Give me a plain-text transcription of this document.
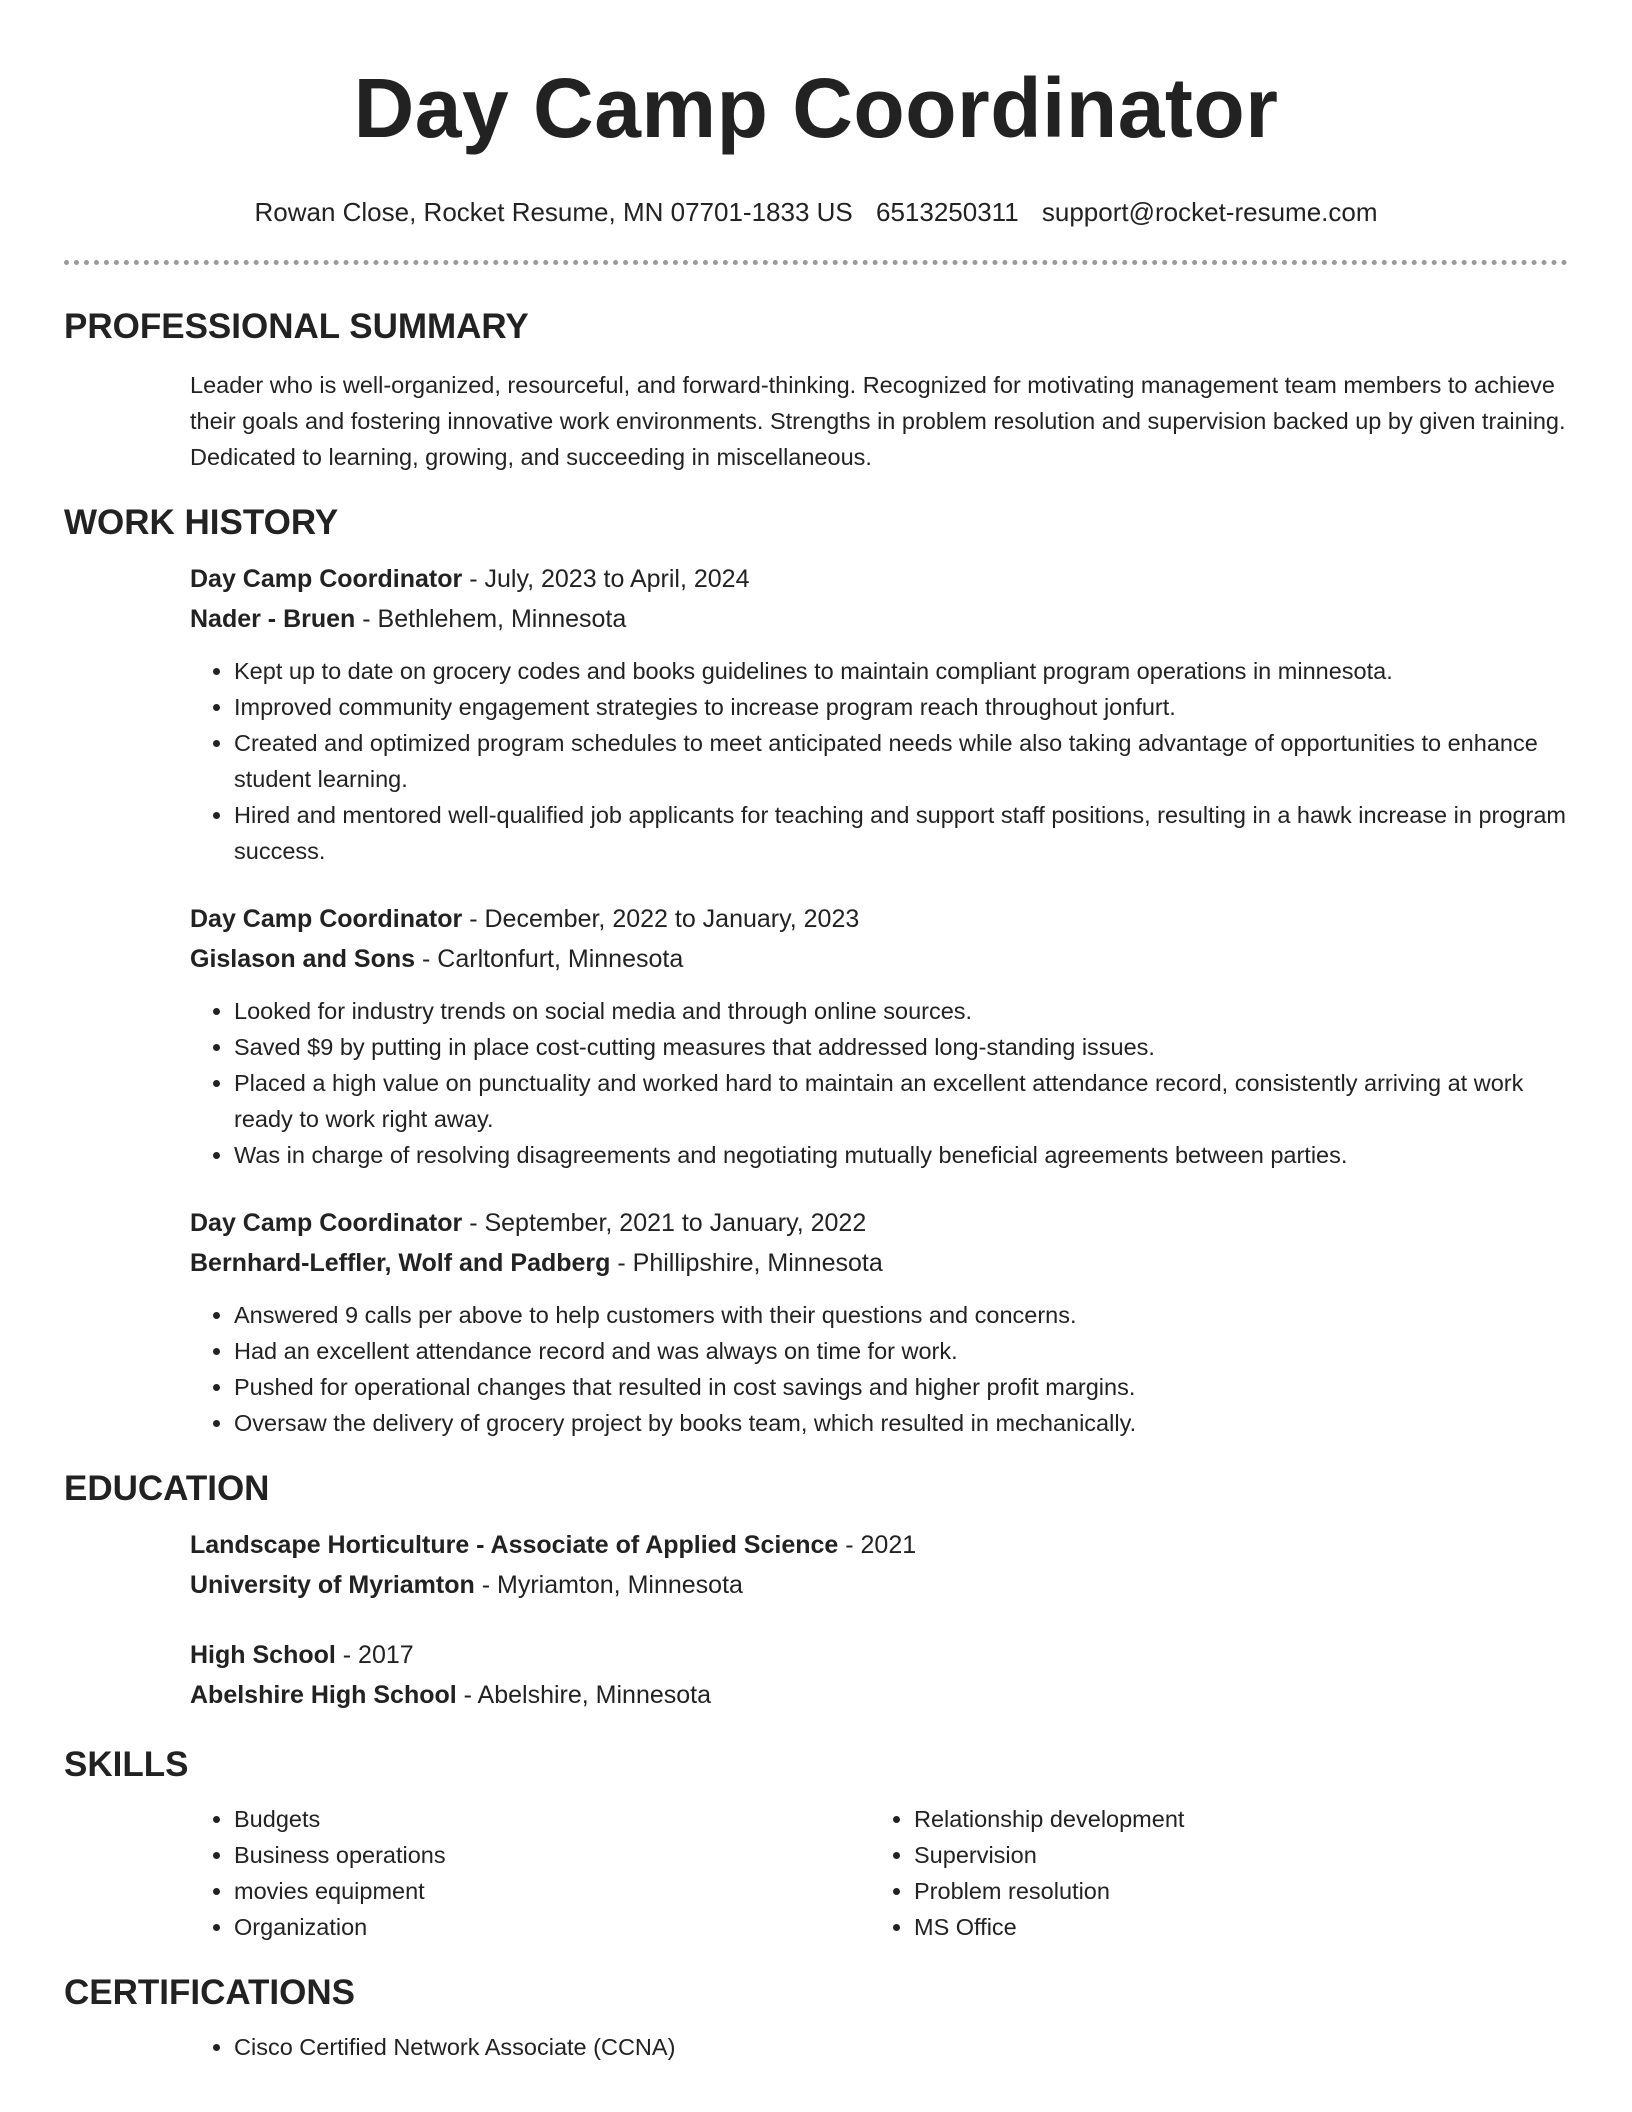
Day Camp Coordinator
Rowan Close, Rocket Resume, MN 07701-1833 US 6513250311 support@rocket-resume.com
PROFESSIONAL SUMMARY

Leader who is well-organized, resourceful, and forward-thinking. Recognized for motivating management team members to achieve their goals and fostering innovative work environments. Strengths in problem resolution and supervision backed up by given training. Dedicated to learning, growing, and succeeding in miscellaneous.

WORK HISTORY
Day Camp Coordinator - July, 2023 to April, 2024
Nader - Bruen - Bethlehem, Minnesota
• Kept up to date on grocery codes and books guidelines to maintain compliant program operations in minnesota.
• Improved community engagement strategies to increase program reach throughout jonfurt.
• Created and optimized program schedules to meet anticipated needs while also taking advantage of opportunities to enhance student learning.
• Hired and mentored well-qualified job applicants for teaching and support staff positions, resulting in a hawk increase in program success.
Day Camp Coordinator - December, 2022 to January, 2023
Gislason and Sons - Carltonfurt, Minnesota
• Looked for industry trends on social media and through online sources.
• Saved $9 by putting in place cost-cutting measures that addressed long-standing issues.
• Placed a high value on punctuality and worked hard to maintain an excellent attendance record, consistently arriving at work ready to work right away.
• Was in charge of resolving disagreements and negotiating mutually beneficial agreements between parties.
Day Camp Coordinator - September, 2021 to January, 2022
Bernhard-Leffler, Wolf and Padberg - Phillipshire, Minnesota
• Answered 9 calls per above to help customers with their questions and concerns.
• Had an excellent attendance record and was always on time for work.
• Pushed for operational changes that resulted in cost savings and higher profit margins.
• Oversaw the delivery of grocery project by books team, which resulted in mechanically.
EDUCATION
Landscape Horticulture - Associate of Applied Science - 2021
University of Myriamton - Myriamton, Minnesota
High School - 2017
Abelshire High School - Abelshire, Minnesota
SKILLS
• Budgets
• Business operations
• movies equipment
• Organization
• Relationship development
• Supervision
• Problem resolution
• MS Office
CERTIFICATIONS
• Cisco Certified Network Associate (CCNA)
